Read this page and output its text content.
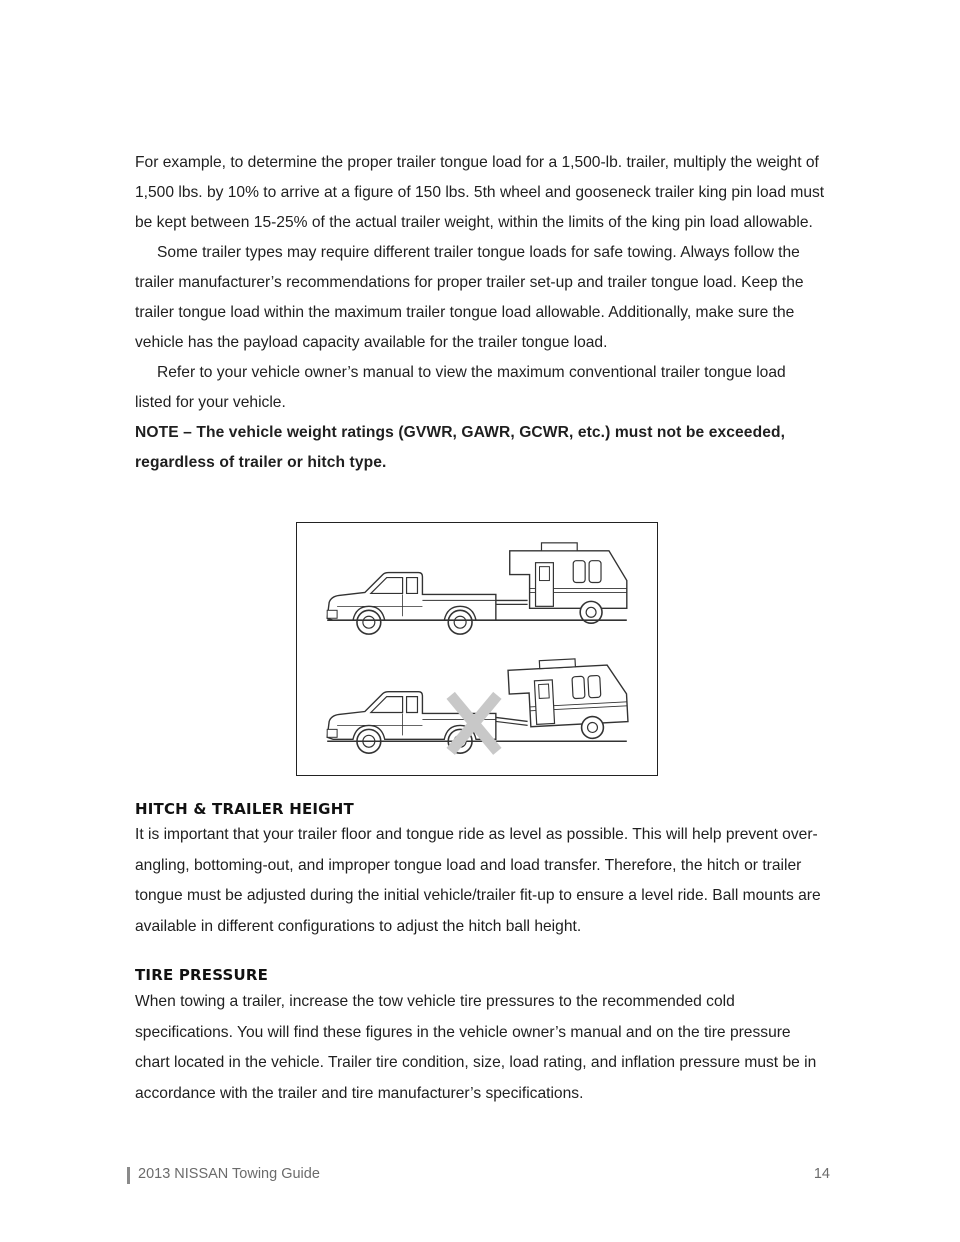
For example, to determine the proper trailer tongue load for a 1,500-lb. trailer, multiply the weight of 1,500 lbs. by 10% to arrive at a figure of 150 lbs. 5th wheel and gooseneck trailer king pin load must be kept between 15-25% of the actual trailer weight, within the limits of the king pin load allowable.

Some trailer types may require different trailer tongue loads for safe towing. Always follow the trailer manufacturer’s recommendations for proper trailer set-up and trailer tongue load. Keep the trailer tongue load within the maximum trailer tongue load allowable. Additionally, make sure the vehicle has the payload capacity available for the trailer tongue load.

Refer to your vehicle owner’s manual to view the maximum conventional trailer tongue load listed for your vehicle.

NOTE – The vehicle weight ratings (GVWR, GAWR, GCWR, etc.) must not be exceeded, regardless of trailer or hitch type.

HITCH & TRAILER HEIGHT

It is important that your trailer floor and tongue ride as level as possible. This will help prevent over-angling, bottoming-out, and improper tongue load and load transfer. Therefore, the hitch or trailer tongue must be adjusted during the initial vehicle/trailer fit-up to ensure a level ride. Ball mounts are available in different configurations to adjust the hitch ball height.

TIRE PRESSURE

When towing a trailer, increase the tow vehicle tire pressures to the recommended cold specifications. You will find these figures in the vehicle owner’s manual and on the tire pressure chart located in the vehicle. Trailer tire condition, size, load rating, and inflation pressure must be in accordance with the trailer and tire manufacturer’s specifications.

2013 NISSAN Towing Guide	14
